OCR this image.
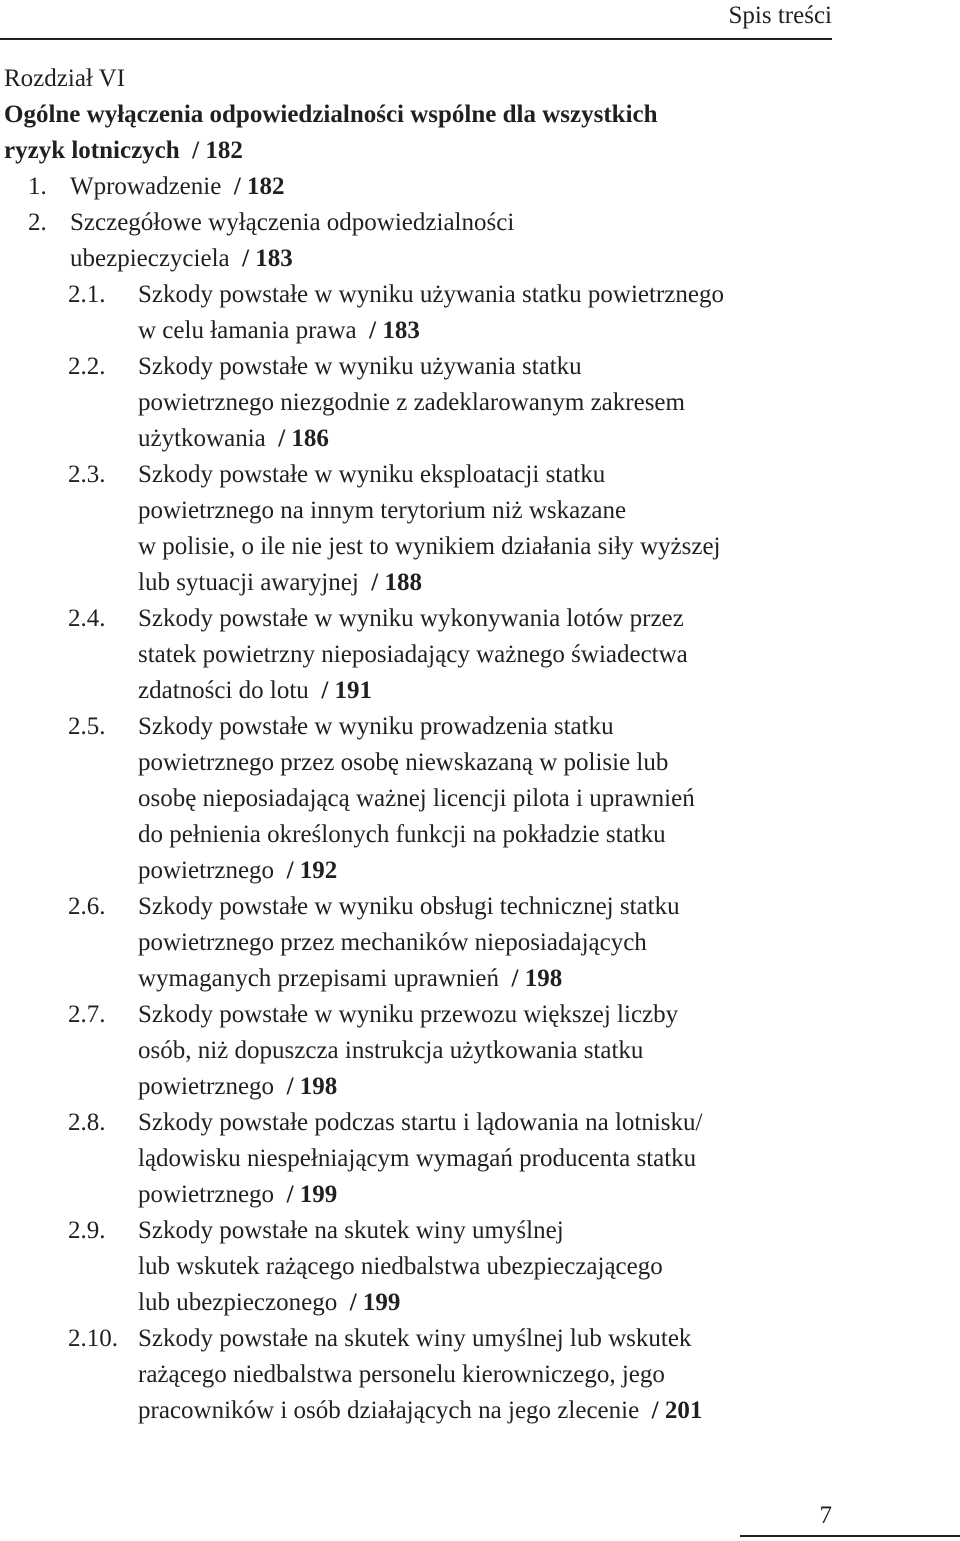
Spis treści
Rozdział VI
Ogólne wyłączenia odpowiedzialności wspólne dla wszystkich
ryzyk lotniczych / 182
1. Wprowadzenie / 182
2. Szczegółowe wyłączenia odpowiedzialności
ubezpieczyciela / 183
2.1.	Szkody powstałe w wyniku używania statku powietrznego
w celu łamania prawa / 183
2.2.	Szkody powstałe w wyniku używania statku
powietrznego niezgodnie z zadeklarowanym zakresem
użytkowania / 186
2.3.	Szkody powstałe w wyniku eksploatacji statku
powietrznego na innym terytorium niż wskazane
w polisie, o ile nie jest to wynikiem działania siły wyższej
lub sytuacji awaryjnej / 188
2.4.	Szkody powstałe w wyniku wykonywania lotów przez
statek powietrzny nieposiadający ważnego świadectwa
zdatności do lotu / 191
2.5.	Szkody powstałe w wyniku prowadzenia statku
powietrznego przez osobę niewskazaną w polisie lub
osobę nieposiadającą ważnej licencji pilota i uprawnień
do pełnienia określonych funkcji na pokładzie statku
powietrznego / 192
2.6.	Szkody powstałe w wyniku obsługi technicznej statku
powietrznego przez mechaników nieposiadających
wymaganych przepisami uprawnień / 198
2.7.	Szkody powstałe w wyniku przewozu większej liczby
osób, niż dopuszcza instrukcja użytkowania statku
powietrznego / 198
2.8.	Szkody powstałe podczas startu i lądowania na lotnisku/
lądowisku niespełniającym wymagań producenta statku
powietrznego / 199
2.9.	Szkody powstałe na skutek winy umyślnej
lub wskutek rażącego niedbalstwa ubezpieczającego
lub ubezpieczonego / 199
2.10. Szkody powstałe na skutek winy umyślnej lub wskutek
rażącego niedbalstwa personelu kierowniczego, jego
pracowników i osób działających na jego zlecenie / 201
7
